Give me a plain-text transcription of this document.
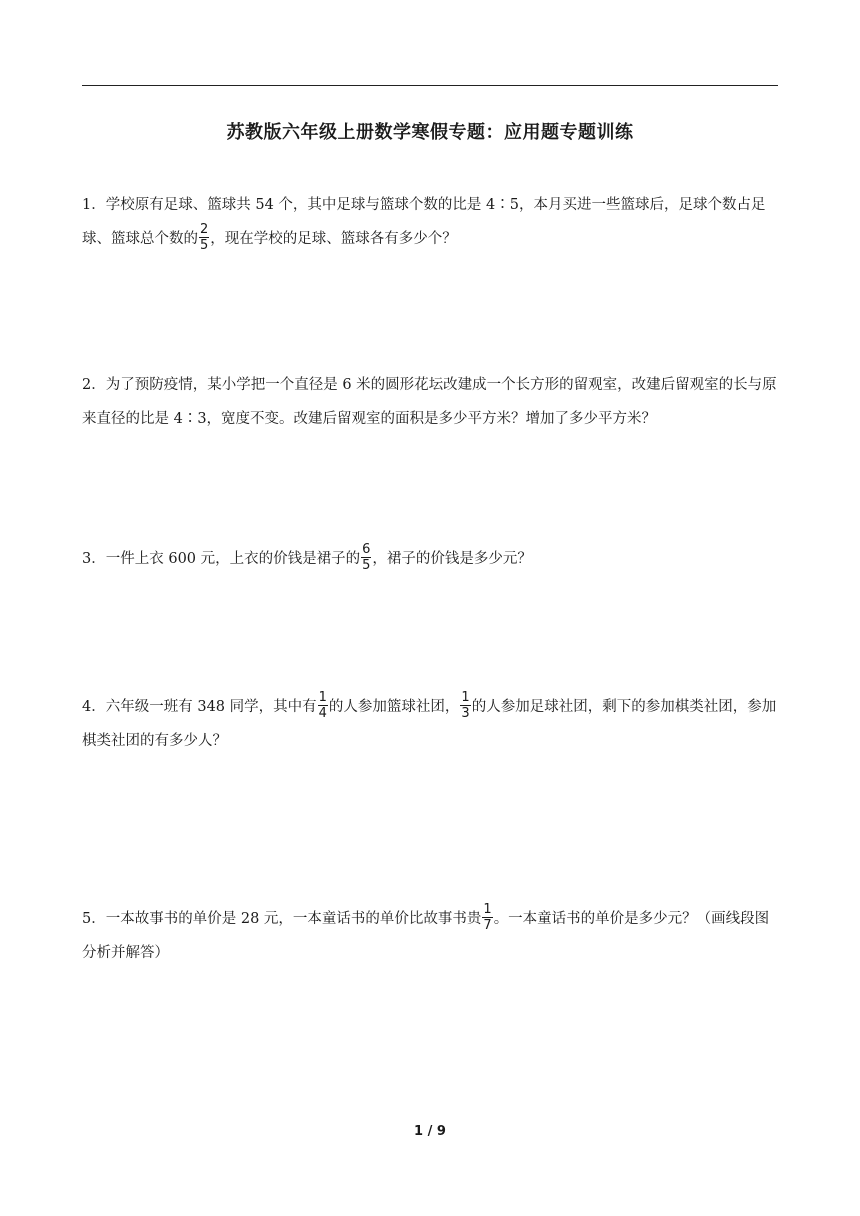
苏教版六年级上册数学寒假专题：应用题专题训练
1．学校原有足球、篮球共 54 个，其中足球与篮球个数的比是 4∶5，本月买进一些篮球后，足球个数占足球、篮球总个数的 $\frac{2}{5}$ ，现在学校的足球、篮球各有多少个？
2．为了预防疫情，某小学把一个直径是 6 米的圆形花坛改建成一个长方形的留观室，改建后留观室的长与原来直径的比是 4∶3，宽度不变。改建后留观室的面积是多少平方米？增加了多少平方米？
3．一件上衣 600 元，上衣的价钱是裙子的 $\frac{6}{5}$ ，裙子的价钱是多少元？
4．六年级一班有 348 同学，其中有 $\frac{1}{4}$ 的人参加篮球社团， $\frac{1}{3}$ 的人参加足球社团，剩下的参加棋类社团，参加棋类社团的有多少人？
5．一本故事书的单价是 28 元，一本童话书的单价比故事书贵 $\frac{1}{7}$ 。一本童话书的单价是多少元？（画线段图分析并解答）
1 / 9
